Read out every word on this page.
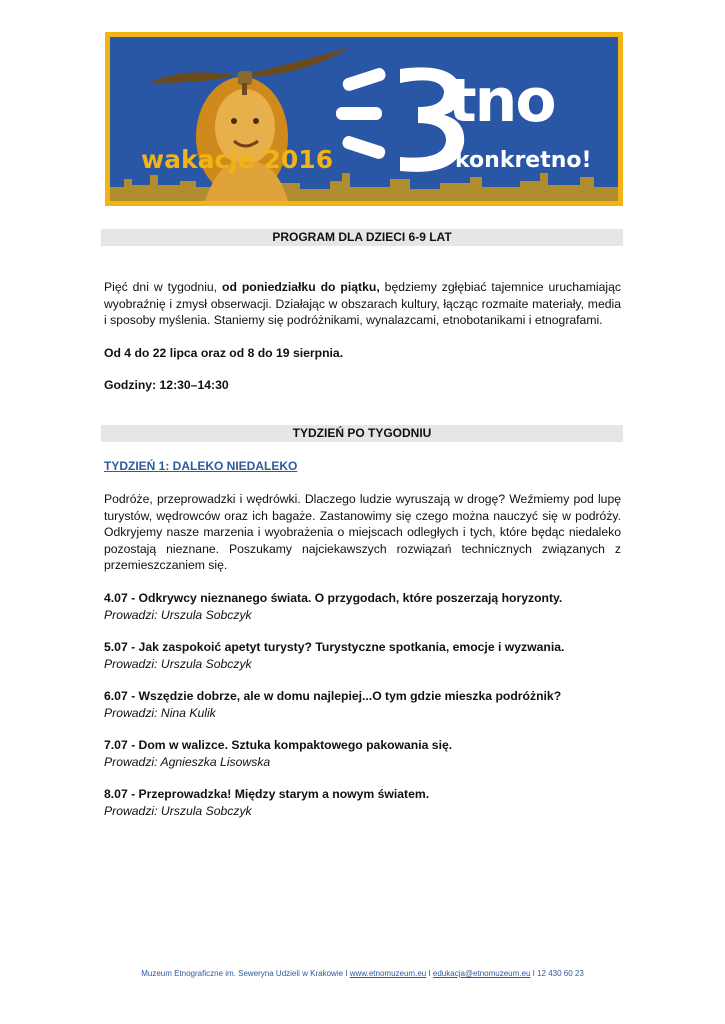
wakacje 2016
tno
konkretno!
PROGRAM DLA DZIECI 6-9 LAT
Pięć dni w tygodniu, od poniedziałku do piątku, będziemy zgłębiać tajemnice uruchamiając wyobraźnię i zmysł obserwacji. Działając w obszarach kultury, łącząc rozmaite materiały, media i sposoby myślenia. Staniemy się podróżnikami, wynalazcami, etnobotanikami i etnografami.
Od 4 do 22 lipca oraz od 8 do 19 sierpnia.
Godziny: 12:30–14:30
TYDZIEŃ PO TYGODNIU
TYDZIEŃ 1: DALEKO NIEDALEKO
Podróże, przeprowadzki i wędrówki. Dlaczego ludzie wyruszają w drogę? Weźmiemy pod lupę turystów, wędrowców oraz ich bagaże. Zastanowimy się czego można nauczyć się w podróży. Odkryjemy nasze marzenia i wyobrażenia o miejscach odległych i tych, które będąc niedaleko pozostają nieznane. Poszukamy najciekawszych rozwiązań technicznych związanych z przemieszczaniem się.
4.07 - Odkrywcy nieznanego świata. O przygodach, które poszerzają horyzonty.
Prowadzi: Urszula Sobczyk
5.07 - Jak zaspokoić apetyt turysty? Turystyczne spotkania, emocje i wyzwania.
Prowadzi: Urszula Sobczyk
6.07 - Wszędzie dobrze, ale w domu najlepiej...O tym gdzie mieszka podróżnik?
Prowadzi: Nina Kulik
7.07 - Dom w walizce. Sztuka kompaktowego pakowania się.
Prowadzi: Agnieszka Lisowska
8.07 - Przeprowadzka! Między starym a nowym światem.
Prowadzi: Urszula Sobczyk
Muzeum Etnograficzne im. Seweryna Udzieli w Krakowie I www.etnomuzeum.eu I edukacja@etnomuzeum.eu I 12 430 60 23
